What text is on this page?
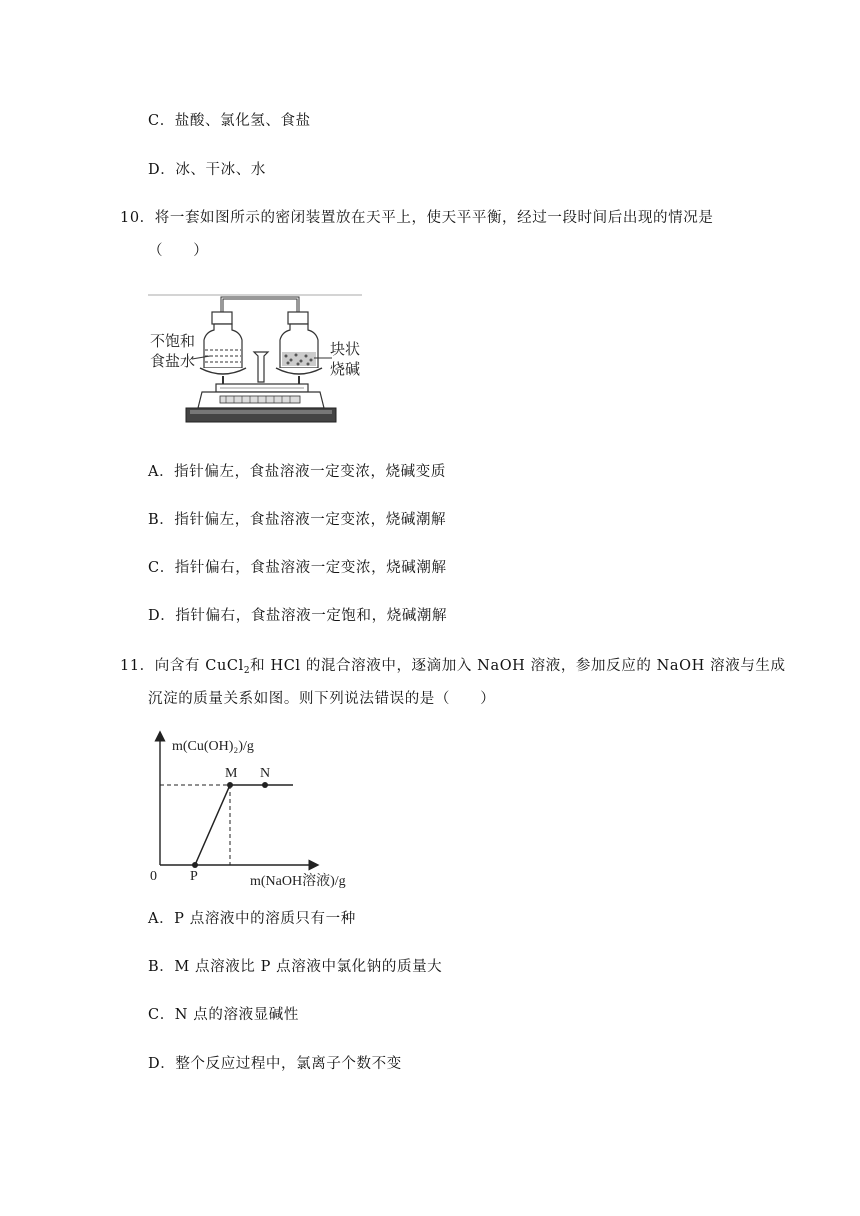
C．盐酸、氯化氢、食盐
D．冰、干冰、水
10．将一套如图所示的密闭装置放在天平上，使天平平衡，经过一段时间后出现的情况是
（　　）
不饱和
食盐水
块状
烧碱
A．指针偏左，食盐溶液一定变浓，烧碱变质
B．指针偏左，食盐溶液一定变浓，烧碱潮解
C．指针偏右，食盐溶液一定变浓，烧碱潮解
D．指针偏右，食盐溶液一定饱和，烧碱潮解
11．向含有 CuCl$_2$和 HCl 的混合溶液中，逐滴加入 NaOH 溶液，参加反应的 NaOH 溶液与生成
沉淀的质量关系如图。则下列说法错误的是（　　）
P
M N
m(Cu(OH)₂)/g
0	m(NaOH溶液)/g
A．P 点溶液中的溶质只有一种
B．M 点溶液比 P 点溶液中氯化钠的质量大
C．N 点的溶液显碱性
D．整个反应过程中，氯离子个数不变
